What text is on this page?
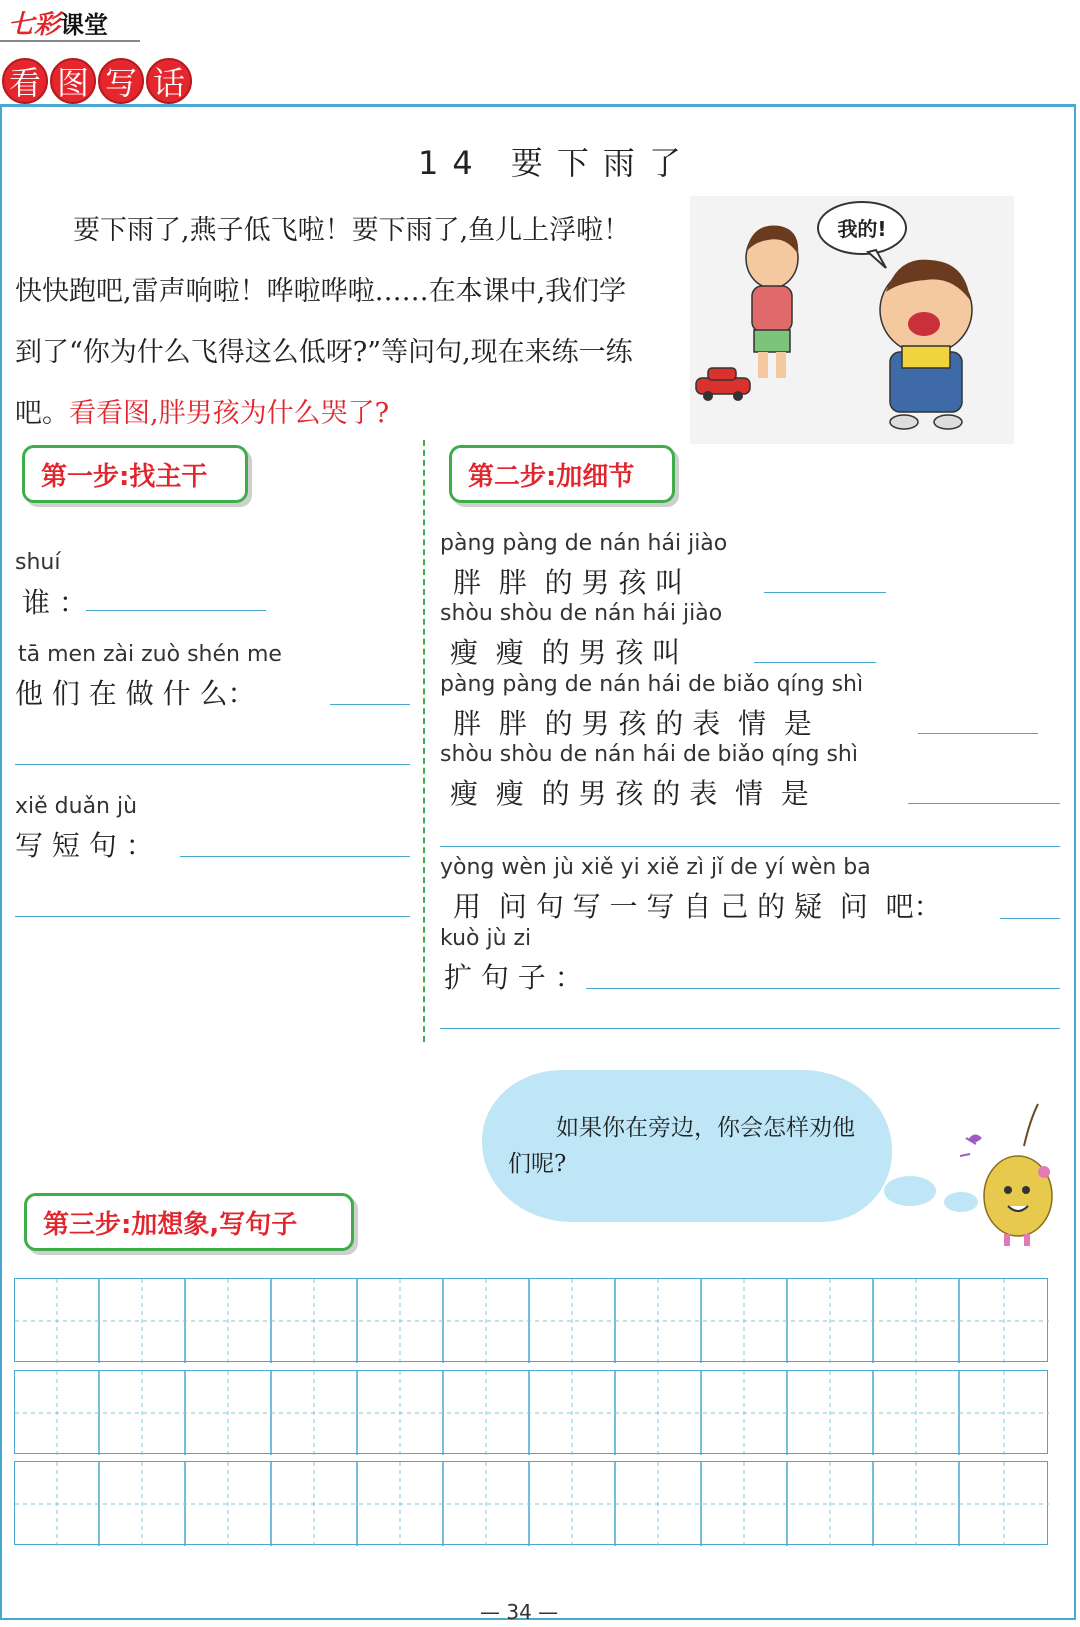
七彩课堂
看 图 写 话
14 要下雨了
要下雨了,燕子低飞啦！要下雨了,鱼儿上浮啦！快快跑吧,雷声响啦！哗啦哗啦……在本课中,我们学到了“你为什么飞得这么低呀?”等问句,现在来练一练吧。看看图,胖男孩为什么哭了?
我的!
第一步:找主干	第二步:加细节
shuí
谁 ：
tā men zài zuò shén me
他 们 在 做 什 么：
xiě duǎn jù
写 短 句 ：
pàng pàng de nán hái jiào
胖  胖  的 男 孩 叫
shòu shòu de nán hái jiào
瘦  瘦  的 男 孩 叫
pàng pàng de nán hái de biǎo qíng shì
胖  胖  的 男 孩 的 表  情  是
shòu shòu de nán hái de biǎo qíng shì
瘦  瘦  的 男 孩 的 表  情  是
yòng wèn jù xiě yi xiě zì jǐ de yí wèn ba
用  问 句 写 一 写 自 己 的 疑  问  吧：
kuò jù zi
扩 句 子 ：
如果你在旁边，你会怎样劝他们呢?
第三步:加想象,写句子
— 34 —
